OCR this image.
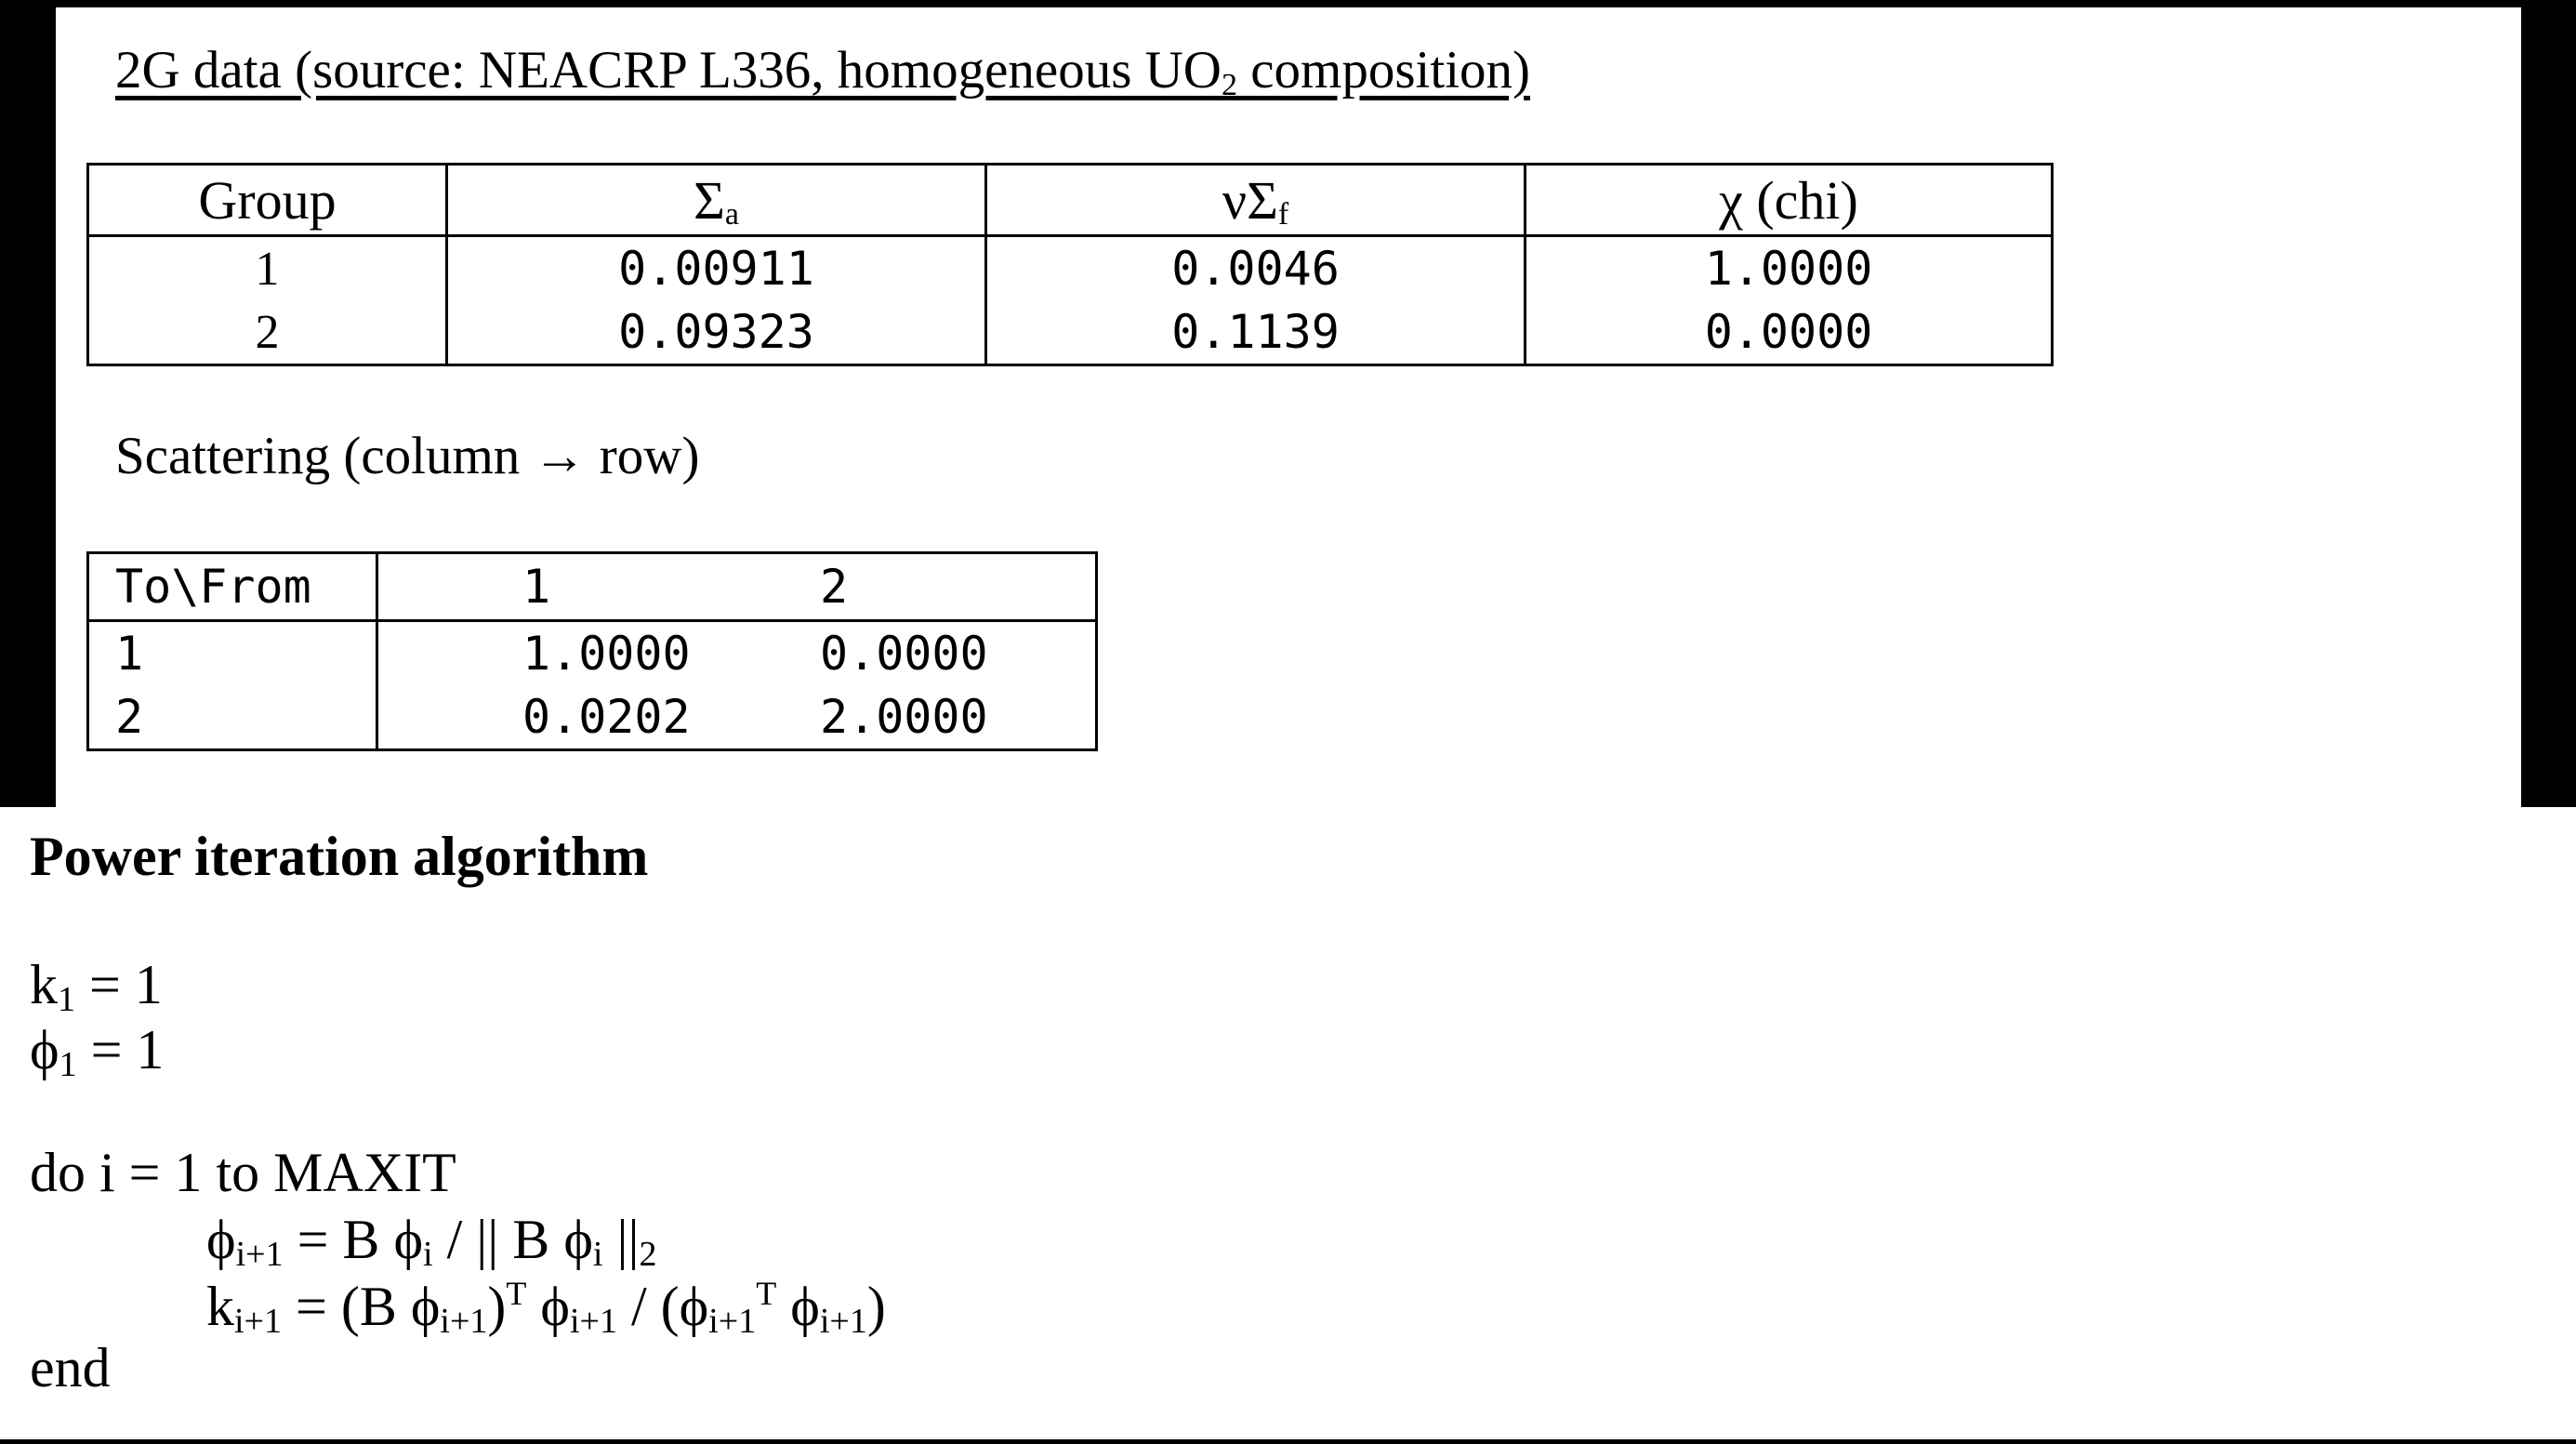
2G data (source: NEACRP L336, homogeneous $UO_2$ composition)
Group	$\Sigma_a$	$\nu\Sigma_f$	χ (chi)
1	0.00911	0.0046	1.0000
2	0.09323	0.1139	0.0000
Scattering (column → row)
To\From	1	2
1	1.0000	0.0000
2	0.0202	2.0000
Power iteration algorithm
$k_1 = 1$
$\phi_1 = 1$
do i = 1 to MAXIT
$\phi_{i+1} = B$ $\phi_i$ / || B $\phi_i$ $||_2$
$k_{i+1} = (B$ $\phi_{i+1})^T$ $\phi_{i+1} / (\phi_{i+1}^T$ $\phi_{i+1}$)
end
